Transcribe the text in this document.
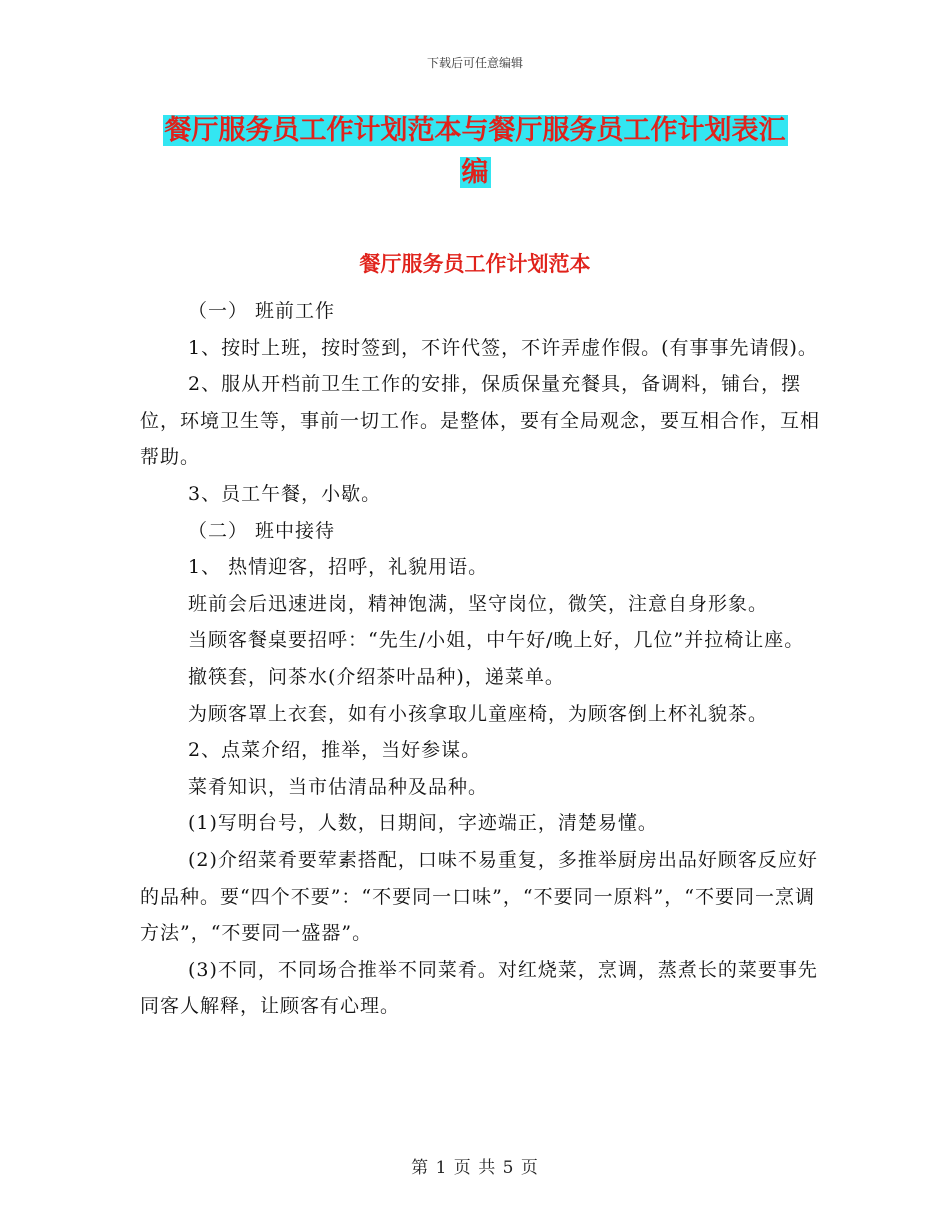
下载后可任意编辑
餐厅服务员工作计划范本与餐厅服务员工作计划表汇
编
餐厅服务员工作计划范本

（一） 班前工作

1、按时上班，按时签到，不许代签，不许弄虚作假。(有事事先请假)。

2、服从开档前卫生工作的安排，保质保量充餐具，备调料，铺台，摆位，环境卫生等，事前一切工作。是整体，要有全局观念，要互相合作，互相帮助。

3、员工午餐，小歇。

（二） 班中接待

1、 热情迎客，招呼，礼貌用语。

班前会后迅速进岗，精神饱满，坚守岗位，微笑，注意自身形象。

当顾客餐桌要招呼：“先生/小姐，中午好/晚上好，几位”并拉椅让座。

撤筷套，问茶水(介绍茶叶品种)，递菜单。

为顾客罩上衣套，如有小孩拿取儿童座椅，为顾客倒上杯礼貌茶。

2、点菜介绍，推举，当好参谋。

菜肴知识，当市估清品种及品种。

(1)写明台号，人数，日期间，字迹端正，清楚易懂。

(2)介绍菜肴要荤素搭配，口味不易重复，多推举厨房出品好顾客反应好的品种。要“四个不要”：“不要同一口味”，“不要同一原料”，“不要同一烹调方法”，“不要同一盛器”。

(3)不同，不同场合推举不同菜肴。对红烧菜，烹调，蒸煮长的菜要事先同客人解释，让顾客有心理。

第 1 页 共 5 页
